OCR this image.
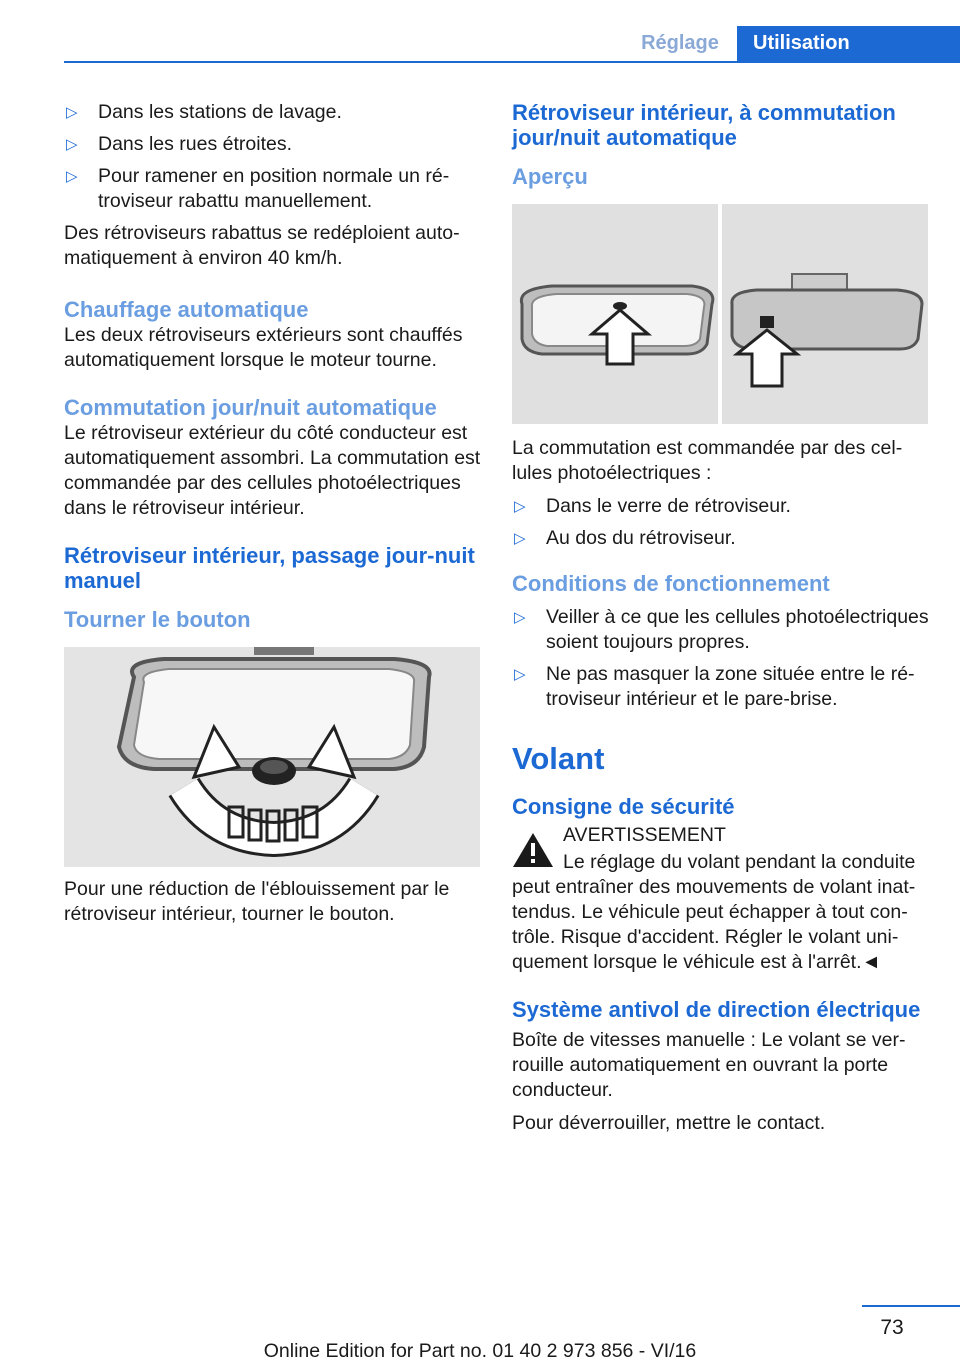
Réglage	Utilisation
▷ Dans les stations de lavage.
▷ Dans les rues étroites.
▷ Pour ramener en position normale un rétroviseur rabattu manuellement.

Des rétroviseurs rabattus se redéploient automatiquement à environ 40 km/h.

Chauffage automatique

Les deux rétroviseurs extérieurs sont chauffés automatiquement lorsque le moteur tourne.

Commutation jour/nuit automatique

Le rétroviseur extérieur du côté conducteur est automatiquement assombri. La commutation est commandée par des cellules photoélectriques dans le rétroviseur intérieur.

Rétroviseur intérieur, passage jour-nuit manuel
Tourner le bouton

Pour une réduction de l'éblouissement par le rétroviseur intérieur, tourner le bouton.

Rétroviseur intérieur, à commutation jour/nuit automatique
Aperçu

La commutation est commandée par des cellules photoélectriques :

▷ Dans le verre de rétroviseur.
▷ Au dos du rétroviseur.
Conditions de fonctionnement
▷ Veiller à ce que les cellules photoélectriques soient toujours propres.
▷ Ne pas masquer la zone située entre le rétroviseur intérieur et le pare-brise.
Volant
Consigne de sécurité

AVERTISSEMENT

Le réglage du volant pendant la conduite

peut entraîner des mouvements de volant inattendus. Le véhicule peut échapper à tout contrôle. Risque d'accident. Régler le volant uniquement lorsque le véhicule est à l'arrêt.◄

Système antivol de direction électrique

Boîte de vitesses manuelle : Le volant se verrouille automatiquement en ouvrant la porte conducteur.

Pour déverrouiller, mettre le contact.

73
Online Edition for Part no. 01 40 2 973 856 - VI/16
